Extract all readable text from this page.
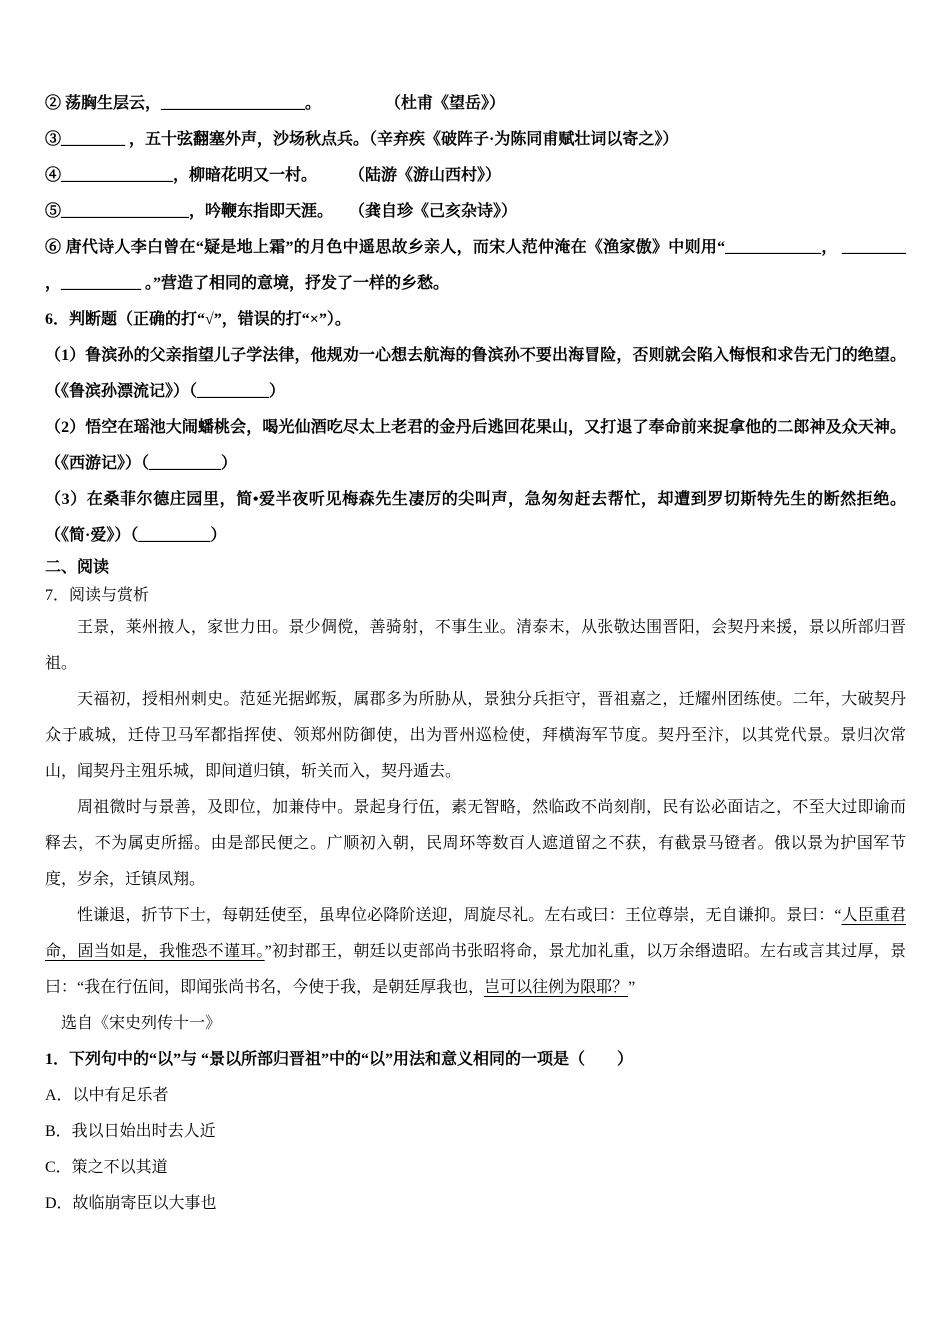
② 荡胸生层云，__________________。　　　　　（杜甫《望岳》）

③________ ，五十弦翻塞外声，沙场秋点兵。（辛弃疾《破阵子·为陈同甫赋壮词以寄之》）

④______________，柳暗花明又一村。　　　（陆游《游山西村》）

⑤________________，吟鞭东指即天涯。　　（龚自珍《己亥杂诗》）

⑥ 唐代诗人李白曾在“疑是地上霜”的月色中遥思故乡亲人，而宋人范仲淹在《渔家傲》中则用“____________， ________ ，__________ 。”营造了相同的意境，抒发了一样的乡愁。

6．判断题（正确的打“√”，错误的打“×”）。

（1）鲁滨孙的父亲指望儿子学法律，他规劝一心想去航海的鲁滨孙不要出海冒险，否则就会陷入悔恨和求告无门的绝望。（《鲁滨孙漂流记》）（_________）

（2）悟空在瑶池大闹蟠桃会，喝光仙酒吃尽太上老君的金丹后逃回花果山，又打退了奉命前来捉拿他的二郎神及众天神。（《西游记》）（_________）

（3）在桑菲尔德庄园里，简•爱半夜听见梅森先生凄厉的尖叫声，急匆匆赶去帮忙，却遭到罗切斯特先生的断然拒绝。（《简·爱》）（_________）

二、阅读

7．阅读与赏析

王景，莱州掖人，家世力田。景少倜傥，善骑射，不事生业。清泰末，从张敬达围晋阳，会契丹来援，景以所部归晋祖。

天福初，授相州刺史。范延光据邺叛，属郡多为所胁从，景独分兵拒守，晋祖嘉之，迁耀州团练使。二年，大破契丹众于戚城，迁侍卫马军都指挥使、领郑州防御使，出为晋州巡检使，拜横海军节度。契丹至汴，以其党代景。景归次常山，闻契丹主殂乐城，即间道归镇，斩关而入，契丹遁去。

周祖微时与景善，及即位，加兼侍中。景起身行伍，素无智略，然临政不尚刻削，民有讼必面诘之，不至大过即谕而释去，不为属吏所摇。由是部民便之。广顺初入朝，民周环等数百人遮道留之不获，有截景马镫者。俄以景为护国军节度，岁余，迁镇凤翔。

性谦退，折节下士，每朝廷使至，虽卑位必降阶送迎，周旋尽礼。左右或曰：王位尊崇，无自谦抑。景曰：“人臣重君命，固当如是，我惟恐不谨耳。”初封郡王，朝廷以吏部尚书张昭将命，景尤加礼重，以万余缗遗昭。左右或言其过厚，景曰：“我在行伍间，即闻张尚书名，今使于我，是朝廷厚我也，岂可以往例为限耶？”

选自《宋史列传十一》

1．下列句中的“以”与 “景以所部归晋祖”中的“以”用法和意义相同的一项是（　　）

A．以中有足乐者

B．我以日始出时去人近

C．策之不以其道

D．故临崩寄臣以大事也
